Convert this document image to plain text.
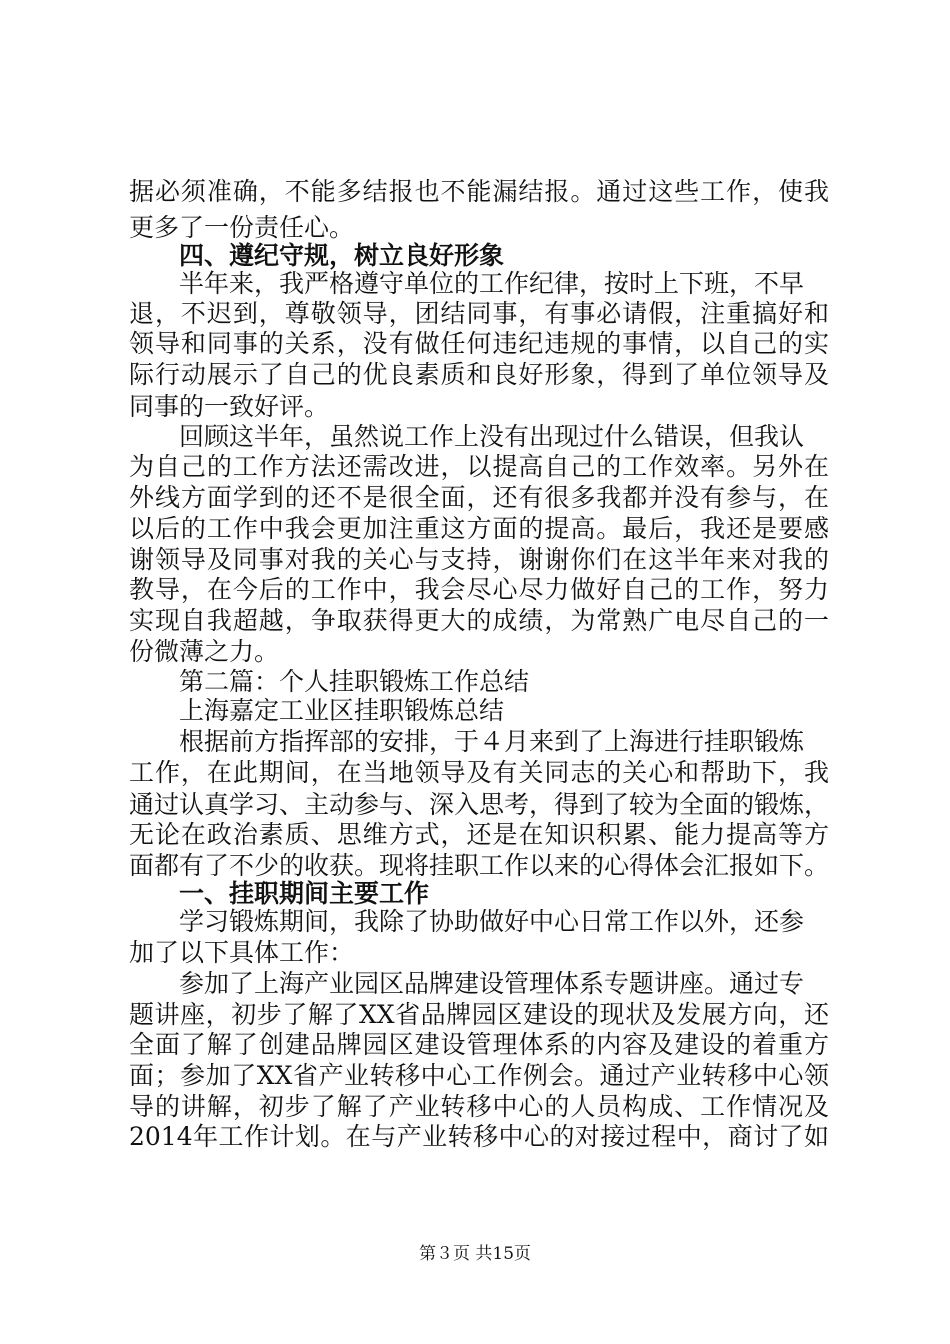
据必须准确，不能多结报也不能漏结报。通过这些工作，使我
更多了一份责任心。
四、遵纪守规，树立良好形象
半年来，我严格遵守单位的工作纪律，按时上下班，不早
退，不迟到，尊敬领导，团结同事，有事必请假，注重搞好和
领导和同事的关系，没有做任何违纪违规的事情，以自己的实
际行动展示了自己的优良素质和良好形象，得到了单位领导及
同事的一致好评。
回顾这半年，虽然说工作上没有出现过什么错误，但我认
为自己的工作方法还需改进，以提高自己的工作效率。另外在
外线方面学到的还不是很全面，还有很多我都并没有参与，在
以后的工作中我会更加注重这方面的提高。最后，我还是要感
谢领导及同事对我的关心与支持，谢谢你们在这半年来对我的
教导，在今后的工作中，我会尽心尽力做好自己的工作，努力
实现自我超越，争取获得更大的成绩，为常熟广电尽自己的一
份微薄之力。
第二篇：个人挂职锻炼工作总结
上海嘉定工业区挂职锻炼总结
根据前方指挥部的安排，于４月来到了上海进行挂职锻炼
工作，在此期间，在当地领导及有关同志的关心和帮助下，我
通过认真学习、主动参与、深入思考，得到了较为全面的锻炼，
无论在政治素质、思维方式，还是在知识积累、能力提高等方
面都有了不少的收获。现将挂职工作以来的心得体会汇报如下。
一、挂职期间主要工作
学习锻炼期间，我除了协助做好中心日常工作以外，还参
加了以下具体工作：
参加了上海产业园区品牌建设管理体系专题讲座。通过专
题讲座，初步了解了XX省品牌园区建设的现状及发展方向，还
全面了解了创建品牌园区建设管理体系的内容及建设的着重方
面；参加了XX省产业转移中心工作例会。通过产业转移中心领
导的讲解，初步了解了产业转移中心的人员构成、工作情况及
2014年工作计划。在与产业转移中心的对接过程中，商讨了如
第３页 共15页
